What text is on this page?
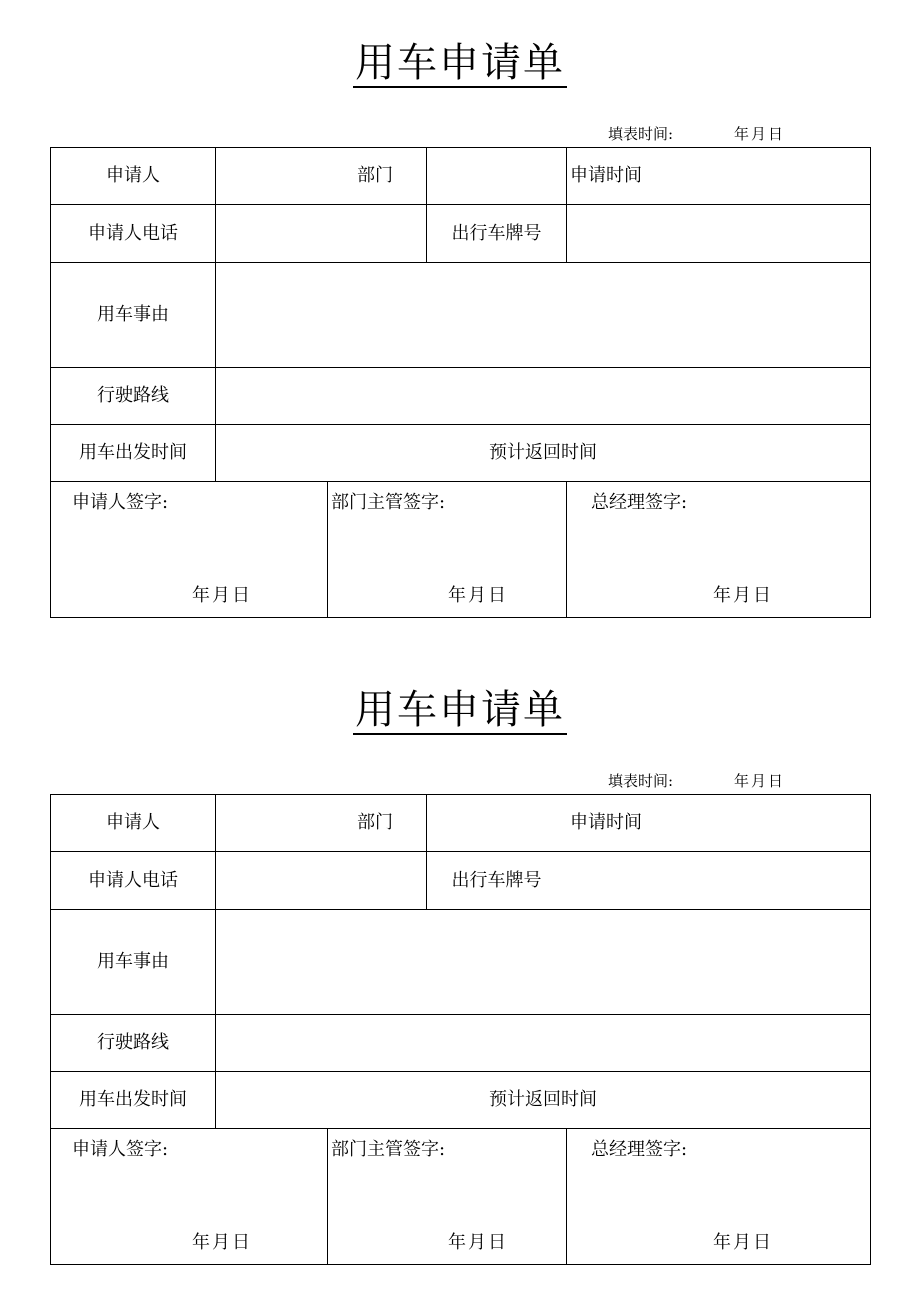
用车申请单
填表时间:	年月日
申请人	部门	申请时间
申请人电话	出行车牌号
用车事由
行驶路线
用车出发时间	预计返回时间
申请人签字:	部门主管签字:	总经理签字:
年月日	年月日	年月日
用车申请单
填表时间:	年月日
申请人	部门	申请时间
申请人电话	出行车牌号
用车事由
行驶路线
用车出发时间	预计返回时间
申请人签字:	部门主管签字:	总经理签字:
年月日	年月日	年月日
